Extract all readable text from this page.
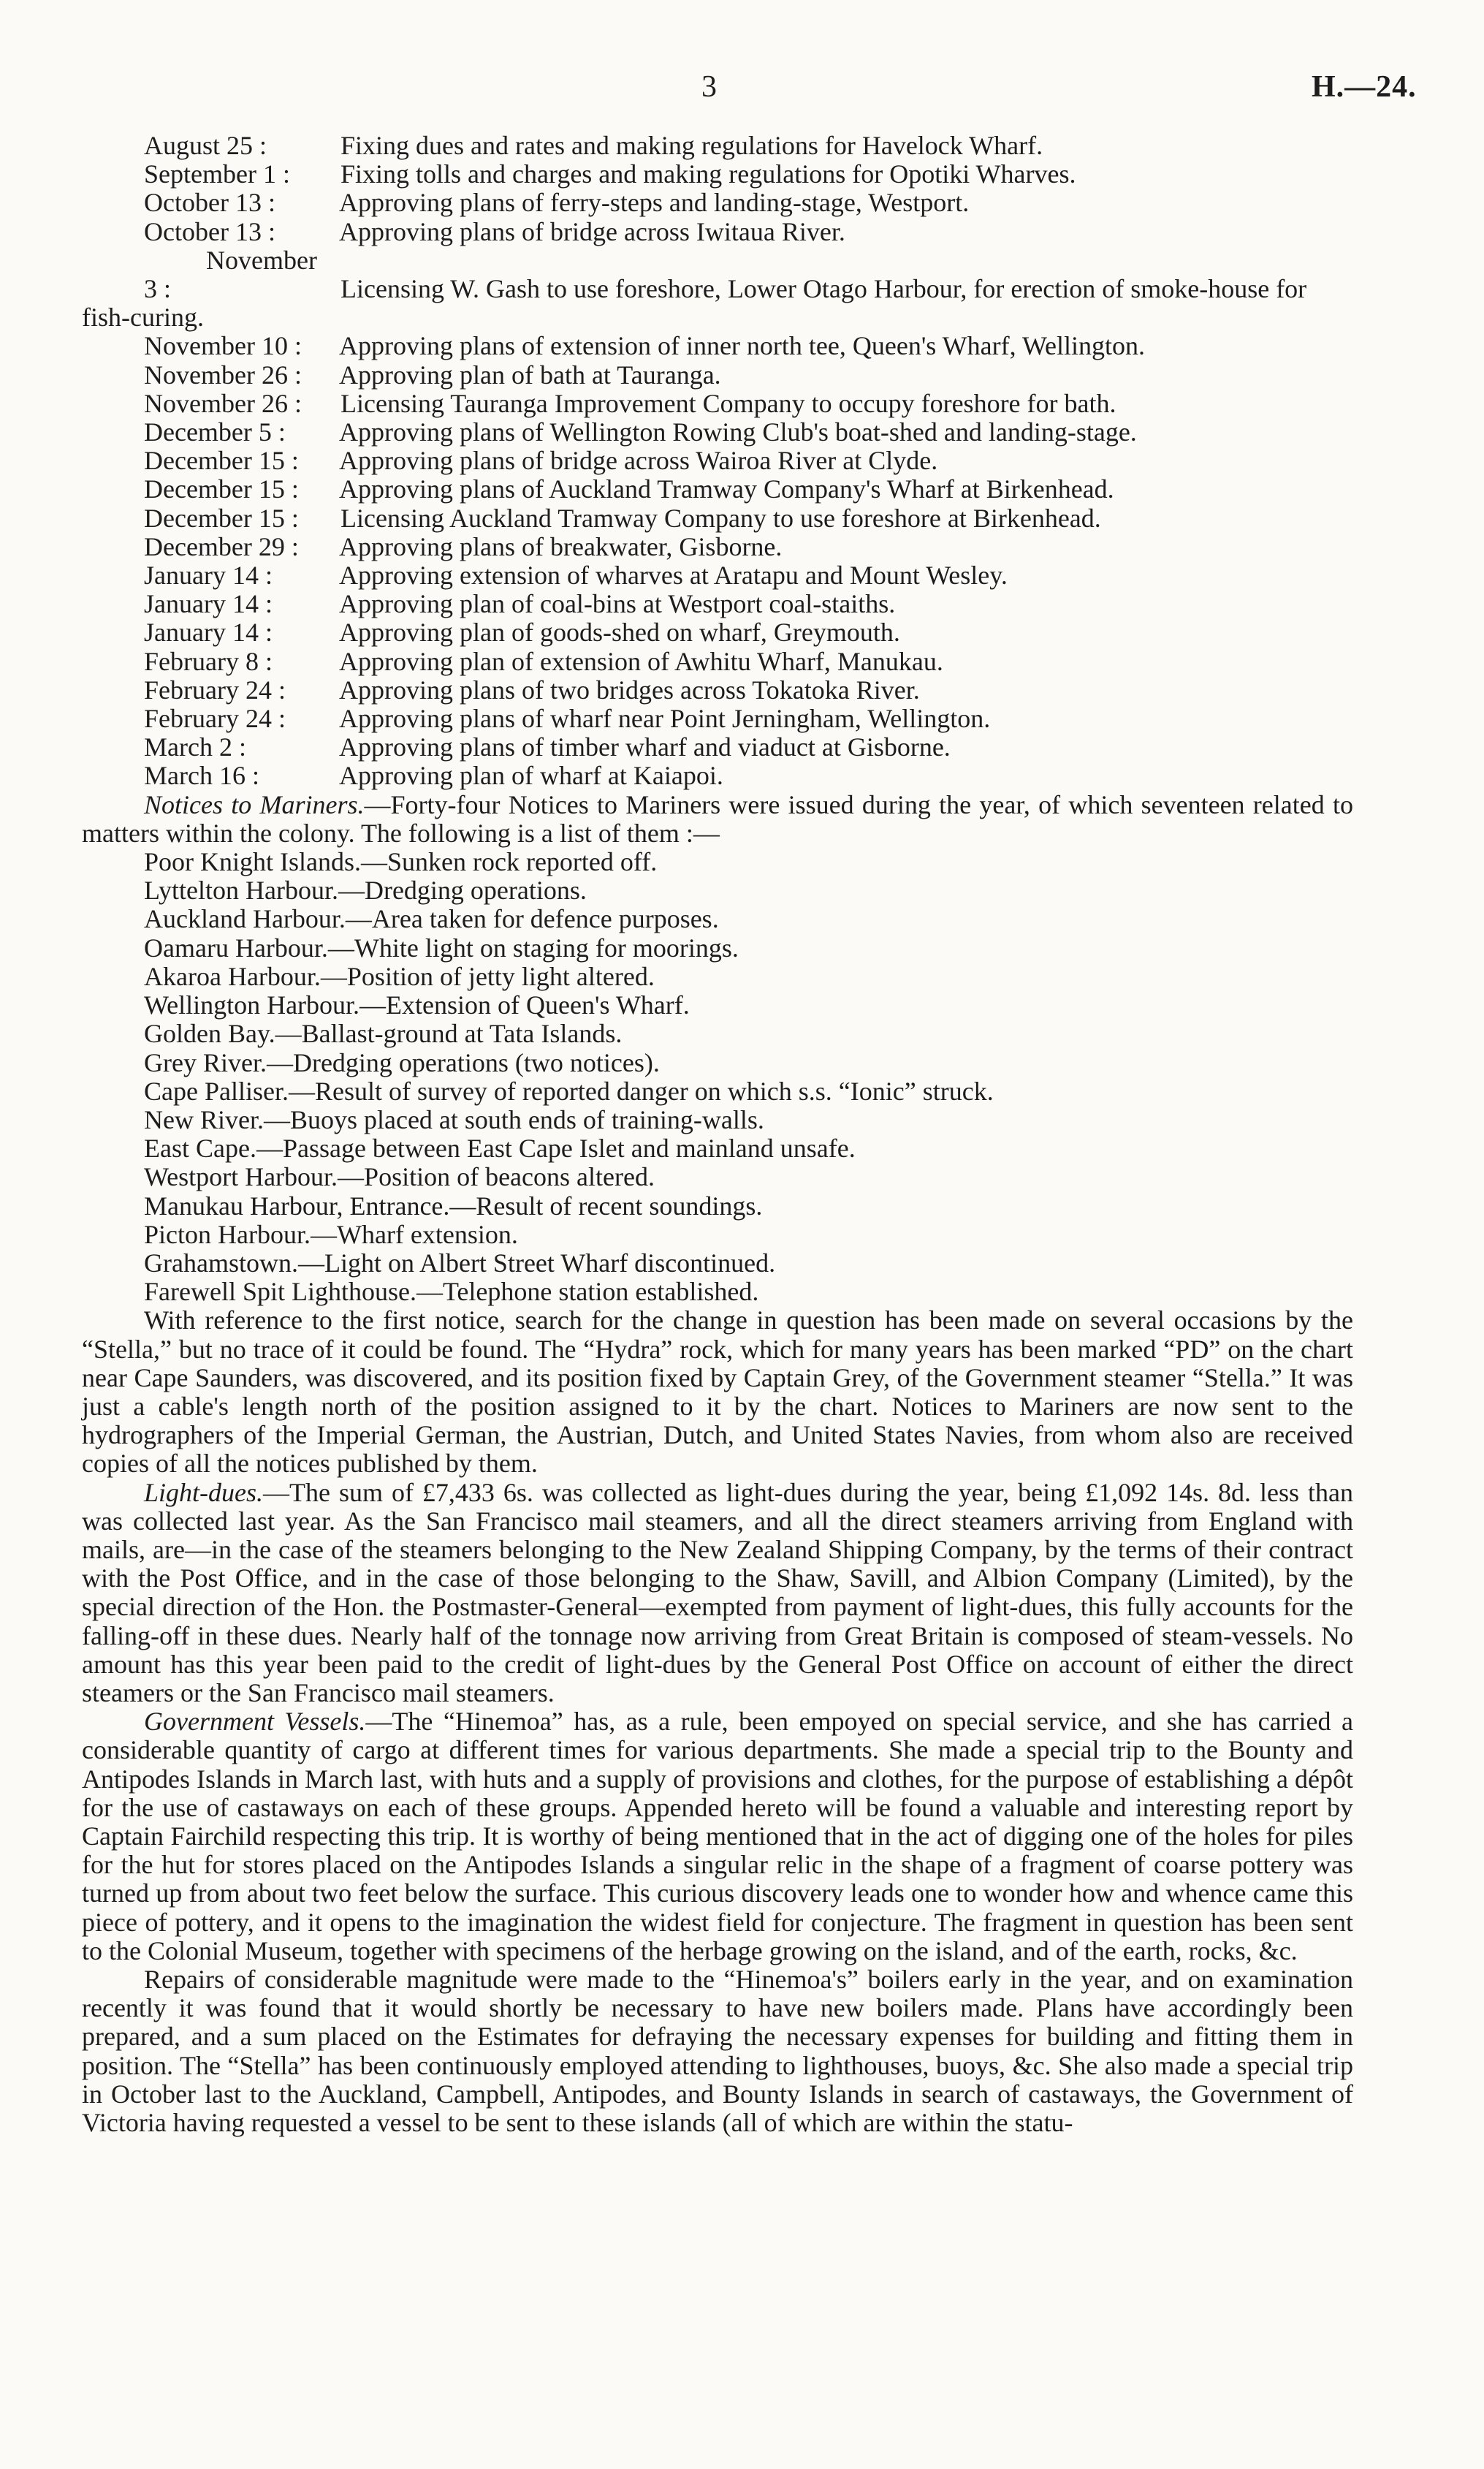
3	H.—24.
August 25 :	Fixing dues and rates and making regulations for Havelock Wharf.
September 1 : Fixing tolls and charges and making regulations for Opotiki Wharves.
October 13 : Approving plans of ferry-steps and landing-stage, Westport.
October 13 : Approving plans of bridge across Iwitaua River.
November 3 :	Licensing W. Gash to use foreshore, Lower Otago Harbour, for erection of smoke-house for fish-curing.
November 10 : Approving plans of extension of inner north tee, Queen's Wharf, Wellington.
November 26 : Approving plan of bath at Tauranga.
November 26 : Licensing Tauranga Improvement Company to occupy foreshore for bath.
December 5 : Approving plans of Wellington Rowing Club's boat-shed and landing-stage.
December 15 : Approving plans of bridge across Wairoa River at Clyde.
December 15 : Approving plans of Auckland Tramway Company's Wharf at Birkenhead.
December 15 : Licensing Auckland Tramway Company to use foreshore at Birkenhead.
December 29 : Approving plans of breakwater, Gisborne.
January 14 :	Approving extension of wharves at Aratapu and Mount Wesley.
January 14 :	Approving plan of coal-bins at Westport coal-staiths.
January 14 :	Approving plan of goods-shed on wharf, Greymouth.
February 8 :	Approving plan of extension of Awhitu Wharf, Manukau.
February 24 : Approving plans of two bridges across Tokatoka River.
February 24 : Approving plans of wharf near Point Jerningham, Wellington.
March 2 :	Approving plans of timber wharf and viaduct at Gisborne.
March 16 :	Approving plan of wharf at Kaiapoi.

Notices to Mariners.—Forty-four Notices to Mariners were issued during the year, of which seventeen related to matters within the colony. The following is a list of them :—

Poor Knight Islands.—Sunken rock reported off.
Lyttelton Harbour.—Dredging operations.
Auckland Harbour.—Area taken for defence purposes.
Oamaru Harbour.—White light on staging for moorings.
Akaroa Harbour.—Position of jetty light altered.
Wellington Harbour.—Extension of Queen's Wharf.
Golden Bay.—Ballast-ground at Tata Islands.
Grey River.—Dredging operations (two notices).
Cape Palliser.—Result of survey of reported danger on which s.s. “Ionic” struck.
New River.—Buoys placed at south ends of training-walls.
East Cape.—Passage between East Cape Islet and mainland unsafe.
Westport Harbour.—Position of beacons altered.
Manukau Harbour, Entrance.—Result of recent soundings.
Picton Harbour.—Wharf extension.
Grahamstown.—Light on Albert Street Wharf discontinued.
Farewell Spit Lighthouse.—Telephone station established.

With reference to the first notice, search for the change in question has been made on several occasions by the “Stella,” but no trace of it could be found. The “Hydra” rock, which for many years has been marked “PD” on the chart near Cape Saunders, was discovered, and its position fixed by Captain Grey, of the Government steamer “Stella.” It was just a cable's length north of the position assigned to it by the chart. Notices to Mariners are now sent to the hydrographers of the Imperial German, the Austrian, Dutch, and United States Navies, from whom also are received copies of all the notices published by them.

Light-dues.—The sum of £7,433 6s. was collected as light-dues during the year, being £1,092 14s. 8d. less than was collected last year. As the San Francisco mail steamers, and all the direct steamers arriving from England with mails, are—in the case of the steamers belonging to the New Zealand Shipping Company, by the terms of their contract with the Post Office, and in the case of those belonging to the Shaw, Savill, and Albion Company (Limited), by the special direction of the Hon. the Postmaster-General—exempted from payment of light-dues, this fully accounts for the falling-off in these dues. Nearly half of the tonnage now arriving from Great Britain is composed of steam-vessels. No amount has this year been paid to the credit of light-dues by the General Post Office on account of either the direct steamers or the San Francisco mail steamers.

Government Vessels.—The “Hinemoa” has, as a rule, been empoyed on special service, and she has carried a considerable quantity of cargo at different times for various departments. She made a special trip to the Bounty and Antipodes Islands in March last, with huts and a supply of provisions and clothes, for the purpose of establishing a dépôt for the use of castaways on each of these groups. Appended hereto will be found a valuable and interesting report by Captain Fairchild respecting this trip. It is worthy of being mentioned that in the act of digging one of the holes for piles for the hut for stores placed on the Antipodes Islands a singular relic in the shape of a fragment of coarse pottery was turned up from about two feet below the surface. This curious discovery leads one to wonder how and whence came this piece of pottery, and it opens to the imagination the widest field for conjecture. The fragment in question has been sent to the Colonial Museum, together with specimens of the herbage growing on the island, and of the earth, rocks, &c.

Repairs of considerable magnitude were made to the “Hinemoa's” boilers early in the year, and on examination recently it was found that it would shortly be necessary to have new boilers made. Plans have accordingly been prepared, and a sum placed on the Estimates for defraying the necessary expenses for building and fitting them in position. The “Stella” has been continuously employed attending to lighthouses, buoys, &c. She also made a special trip in October last to the Auckland, Campbell, Antipodes, and Bounty Islands in search of castaways, the Government of Victoria having requested a vessel to be sent to these islands (all of which are within the statu-
